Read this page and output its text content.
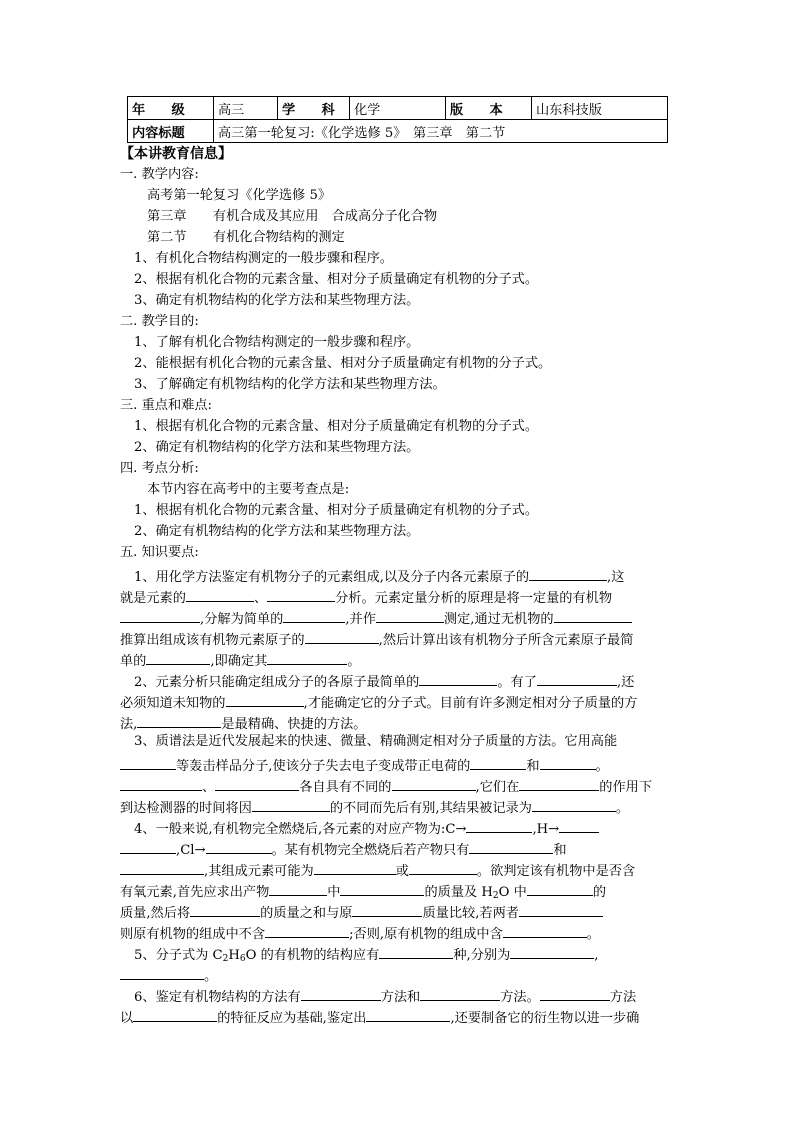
年　　级	高三	学　　科	化学	版　　本	山东科技版
内容标题	高三第一轮复习:《化学选修 5》　第三章　第二节				
【本讲教育信息】
一. 教学内容:
高考第一轮复习《化学选修 5》
第三章　　有机合成及其应用　合成高分子化合物
第二节　　有机化合物结构的测定
1、有机化合物结构测定的一般步骤和程序。
2、根据有机化合物的元素含量、相对分子质量确定有机物的分子式。
3、确定有机物结构的化学方法和某些物理方法。
二. 教学目的:
1、了解有机化合物结构测定的一般步骤和程序。
2、能根据有机化合物的元素含量、相对分子质量确定有机物的分子式。
3、了解确定有机物结构的化学方法和某些物理方法。
三. 重点和难点:
1、根据有机化合物的元素含量、相对分子质量确定有机物的分子式。
2、确定有机物结构的化学方法和某些物理方法。
四. 考点分析:
本节内容在高考中的主要考查点是:
1、根据有机化合物的元素含量、相对分子质量确定有机物的分子式。
2、确定有机物结构的化学方法和某些物理方法。
五. 知识要点:
1、用化学方法鉴定有机物分子的元素组成,以及分子内各元素原子的	,这
就是元素的	、	分析。元素定量分析的原理是将一定量的有机物
,分解为简单的	,并作	测定,通过无机物的
推算出组成该有机物元素原子的	,然后计算出该有机物分子所含元素原子最简
单的	,即确定其	。
2、元素分析只能确定组成分子的各原子最简单的	。有了	,还
必须知道未知物的	,才能确定它的分子式。目前有许多测定相对分子质量的方
法,	是最精确、快捷的方法。
3、质谱法是近代发展起来的快速、微量、精确测定相对分子质量的方法。它用高能
等轰击样品分子,使该分子失去电子变成带正电荷的	和	。
、	各自具有不同的	,它们在	的作用下
到达检测器的时间将因	的不同而先后有别,其结果被记录为	。
4、一般来说,有机物完全燃烧后,各元素的对应产物为:C→	,H→
,Cl→	。某有机物完全燃烧后若产物只有	和
,其组成元素可能为	或	。欲判定该有机物中是否含
有氧元素,首先应求出产物	中	的质量及 $H_2O$ 中	的
质量,然后将	的质量之和与原	质量比较,若两者
则原有机物的组成中不含	;否则,原有机物的组成中含	。
5、分子式为 $C_2H_6O$ 的有机物的结构应有	种,分别为	,
。
6、鉴定有机物结构的方法有	方法和	方法。	方法
以	的特征反应为基础,鉴定出	,还要制备它的衍生物以进一步确
